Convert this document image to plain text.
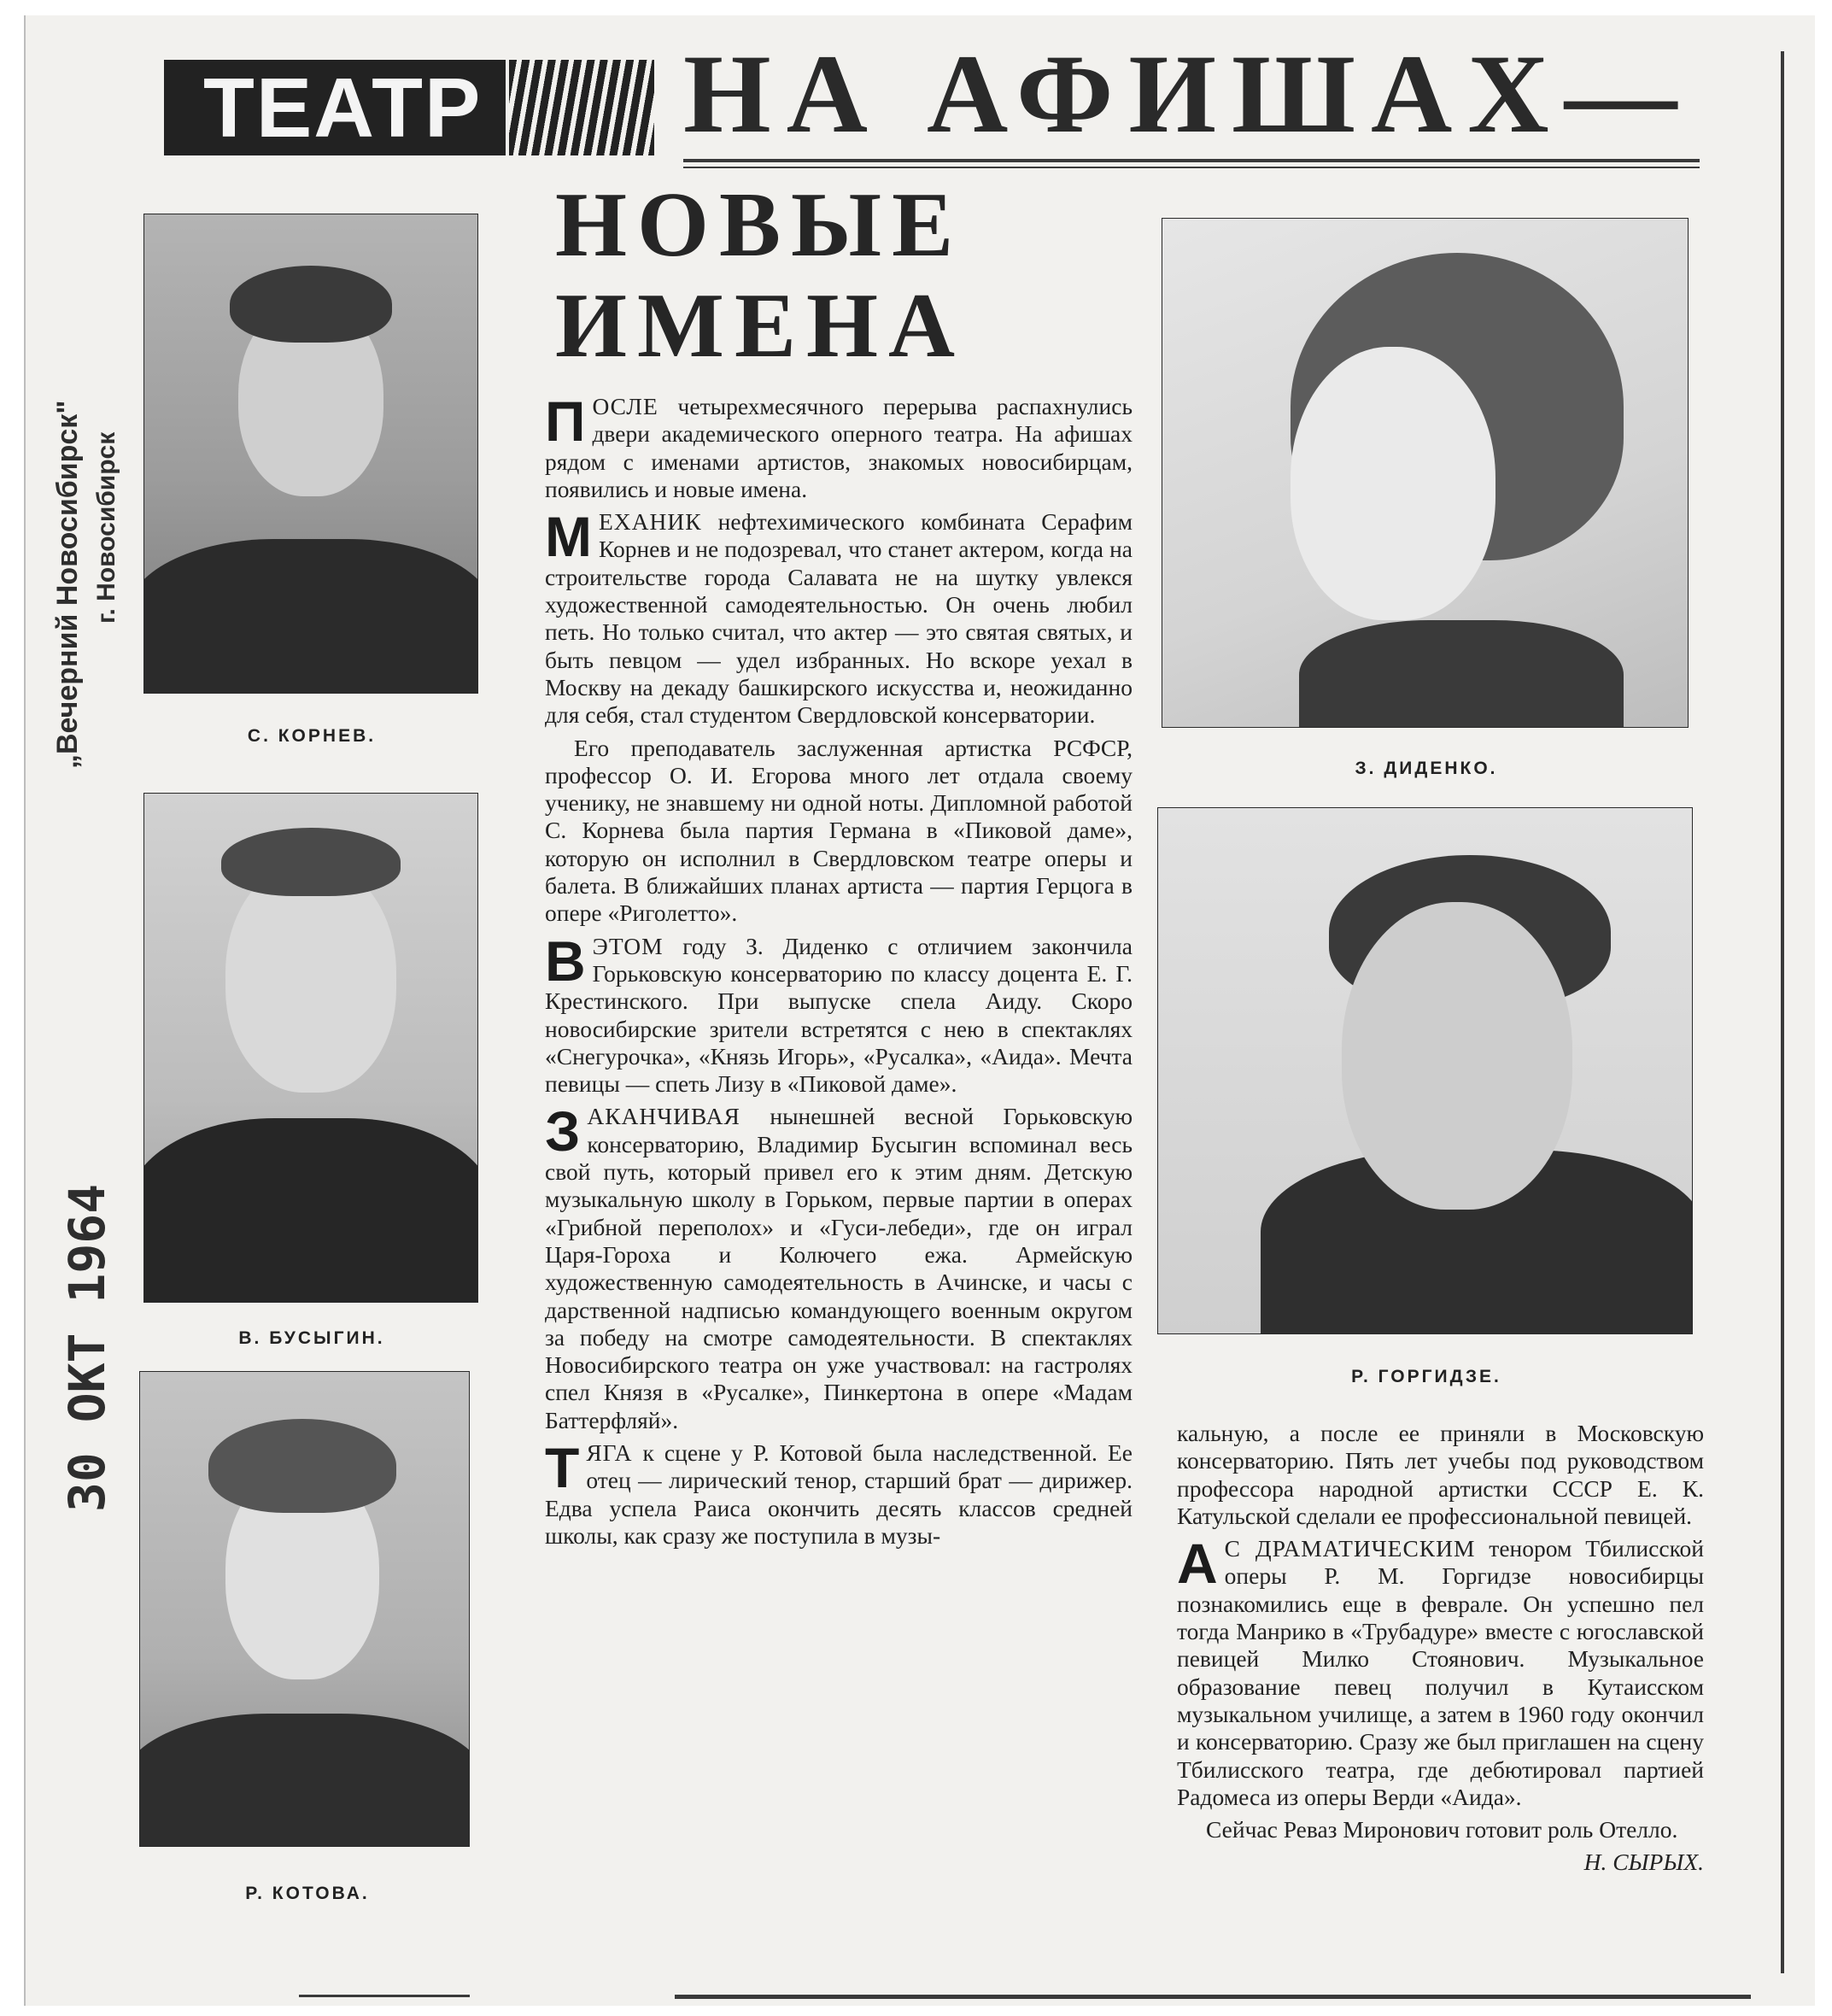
ТЕАТР НА АФИШАХ—
НОВЫЕ
ИМЕНА
„Вечерний Новосибирск" г. Новосибирск
30 ОКТ 1964
С. КОРНЕВ.
В. БУСЫГИН.
Р. КОТОВА.
З. ДИДЕНКО.
Р. ГОРГИДЗЕ.

ПОСЛЕ четырехмесячного перерыва распахнулись двери академического оперного театра. На афишах рядом с именами артистов, знакомых новосибирцам, появились и новые имена.

МЕХАНИК нефтехимического комбината Серафим Корнев и не подозревал, что станет актером, когда на строительстве города Салавата не на шутку увлекся художественной самодеятельностью. Он очень любил петь. Но только считал, что актер — это святая святых, и быть певцом — удел избранных. Но вскоре уехал в Москву на декаду башкирского искусства и, неожиданно для себя, стал студентом Свердловской консерватории.

Его преподаватель заслуженная артистка РСФСР, профессор О. И. Егорова много лет отдала своему ученику, не знавшему ни одной ноты. Дипломной работой С. Корнева была партия Германа в «Пиковой даме», которую он исполнил в Свердловском театре оперы и балета. В ближайших планах артиста — партия Герцога в опере «Риголетто».

В ЭТОМ году З. Диденко с отличием закончила Горьковскую консерваторию по классу доцента Е. Г. Крестинского. При выпуске спела Аиду. Скоро новосибирские зрители встретятся с нею в спектаклях «Снегурочка», «Князь Игорь», «Русалка», «Аида». Мечта певицы — спеть Лизу в «Пиковой даме».

ЗАКАНЧИВАЯ нынешней весной Горьковскую консерваторию, Владимир Бусыгин вспоминал весь свой путь, который привел его к этим дням. Детскую музыкальную школу в Горьком, первые партии в операх «Грибной переполох» и «Гуси-лебеди», где он играл Царя-Гороха и Колючего ежа. Армейскую художественную самодеятельность в Ачинске, и часы с дарственной надписью командующего военным округом за победу на смотре самодеятельности. В спектаклях Новосибирского театра он уже участвовал: на гастролях спел Князя в «Русалке», Пинкертона в опере «Мадам Баттерфляй».

ТЯГА к сцене у Р. Котовой была наследственной. Ее отец — лирический тенор, старший брат — дирижер. Едва успела Раиса окончить десять классов средней школы, как сразу же поступила в музы-

кальную, а после ее приняли в Московскую консерваторию. Пять лет учебы под руководством профессора народной артистки СССР Е. К. Катульской сделали ее профессиональной певицей.

А С ДРАМАТИЧЕСКИМ тенором Тбилисской оперы Р. М. Горгидзе новосибирцы познакомились еще в феврале. Он успешно пел тогда Манрико в «Трубадуре» вместе с югославской певицей Милко Стоянович. Музыкальное образование певец получил в Кутаисском музыкальном училище, а затем в 1960 году окончил и консерваторию. Сразу же был приглашен на сцену Тбилисского театра, где дебютировал партией Радомеса из оперы Верди «Аида».

Сейчас Реваз Миронович готовит роль Отелло.

Н. СЫРЫХ.
